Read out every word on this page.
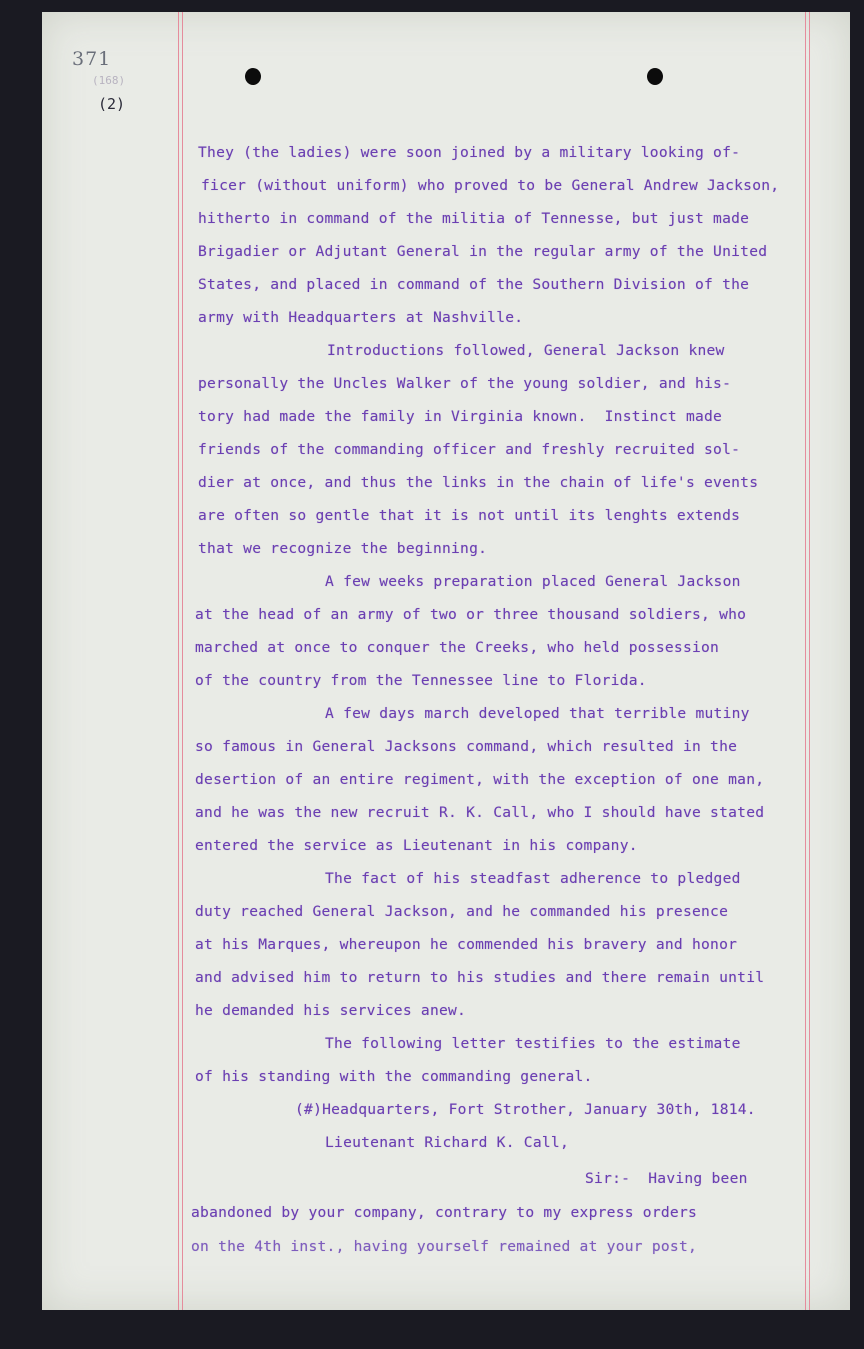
371
(168)
(2)
They (the ladies) were soon joined by a military looking of-
ficer (without uniform) who proved to be General Andrew Jackson,
hitherto in command of the militia of Tennesse, but just made
Brigadier or Adjutant General in the regular army of the United
States, and placed in command of the Southern Division of the
army with Headquarters at Nashville.
Introductions followed, General Jackson knew
personally the Uncles Walker of the young soldier, and his-
tory had made the family in Virginia known.  Instinct made
friends of the commanding officer and freshly recruited sol-
dier at once, and thus the links in the chain of life's events
are often so gentle that it is not until its lenghts extends
that we recognize the beginning.
A few weeks preparation placed General Jackson
at the head of an army of two or three thousand soldiers, who
marched at once to conquer the Creeks, who held possession
of the country from the Tennessee line to Florida.
A few days march developed that terrible mutiny
so famous in General Jacksons command, which resulted in the
desertion of an entire regiment, with the exception of one man,
and he was the new recruit R. K. Call, who I should have stated
entered the service as Lieutenant in his company.
The fact of his steadfast adherence to pledged
duty reached General Jackson, and he commanded his presence
at his Marques, whereupon he commended his bravery and honor
and advised him to return to his studies and there remain until
he demanded his services anew.
The following letter testifies to the estimate
of his standing with the commanding general.
(#)Headquarters, Fort Strother, January 30th, 1814.
Lieutenant Richard K. Call,
Sir:-  Having been
abandoned by your company, contrary to my express orders
on the 4th inst., having yourself remained at your post,
